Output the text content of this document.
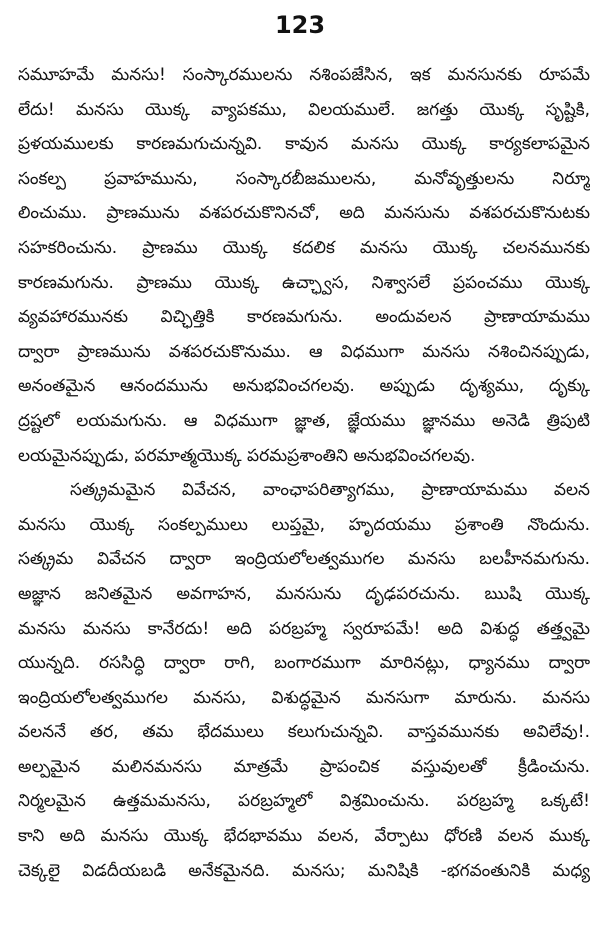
123
సమూహమే మనసు! సంస్కారములను నశింపజేసిన, ఇక మనసునకు రూపమే
లేదు! మనసు యొక్క వ్యాపకము, విలయములే. జగత్తు యొక్క సృష్టికి,
ప్రళయములకు కారణమగుచున్నవి. కావున మనసు యొక్క కార్యకలాపమైన
సంకల్ప ప్రవాహమును, సంస్కారబీజములను, మనోవృత్తులను నిర్మూ
లించుము. ప్రాణమును వశపరచుకొనినచో, అది మనసును వశపరచుకొనుటకు
సహకరించును. ప్రాణము యొక్క కదలిక మనసు యొక్క చలనమునకు
కారణమగును. ప్రాణము యొక్క ఉచ్ఛ్వాస, నిశ్వాసలే ప్రపంచము యొక్క
వ్యవహారమునకు విచ్ఛిత్తికి కారణమగును. అందువలన ప్రాణాయామము
ద్వారా ప్రాణమును వశపరచుకొనుము. ఆ విధముగా మనసు నశించినప్పుడు,
అనంతమైన ఆనందమును అనుభవించగలవు. అప్పుడు దృశ్యము, దృక్కు
ద్రష్టలో లయమగును. ఆ విధముగా జ్ఞాత, జ్ఞేయము జ్ఞానము అనెడి త్రిపుటి
లయమైనప్పుడు, పరమాత్మయొక్క పరమప్రశాంతిని అనుభవించగలవు.
సత్క్రమమైన వివేచన, వాంఛాపరిత్యాగము, ప్రాణాయామము వలన
మనసు యొక్క సంకల్పములు లుప్తమై, హృదయము ప్రశాంతి నొందును.
సత్క్రమ వివేచన ద్వారా ఇంద్రియలోలత్వముగల మనసు బలహీనమగును.
అజ్ఞాన జనితమైన అవగాహన, మనసును దృఢపరచును. ఋషి యొక్క
మనసు మనసు కానేరదు! అది పరబ్రహ్మ స్వరూపమే! అది విశుద్ధ తత్త్వమై
యున్నది. రససిద్ధి ద్వారా రాగి, బంగారముగా మారినట్లు, ధ్యానము ద్వారా
ఇంద్రియలోలత్వముగల మనసు, విశుద్ధమైన మనసుగా మారును. మనసు
వలననే తర, తమ భేదములు కలుగుచున్నవి. వాస్తవమునకు అవిలేవు!.
అల్పమైన మలినమనసు మాత్రమే ప్రాపంచిక వస్తువులతో క్రీడించును.
నిర్మలమైన ఉత్తమమనసు, పరబ్రహ్మలో విశ్రమించును. పరబ్రహ్మ ఒక్కటే!
కాని అది మనసు యొక్క భేదభావము వలన, వేర్పాటు ధోరణి వలన ముక్క
చెక్కలై విడదీయబడి అనేకమైనది. మనసు; మనిషికి -భగవంతునికి మధ్య
